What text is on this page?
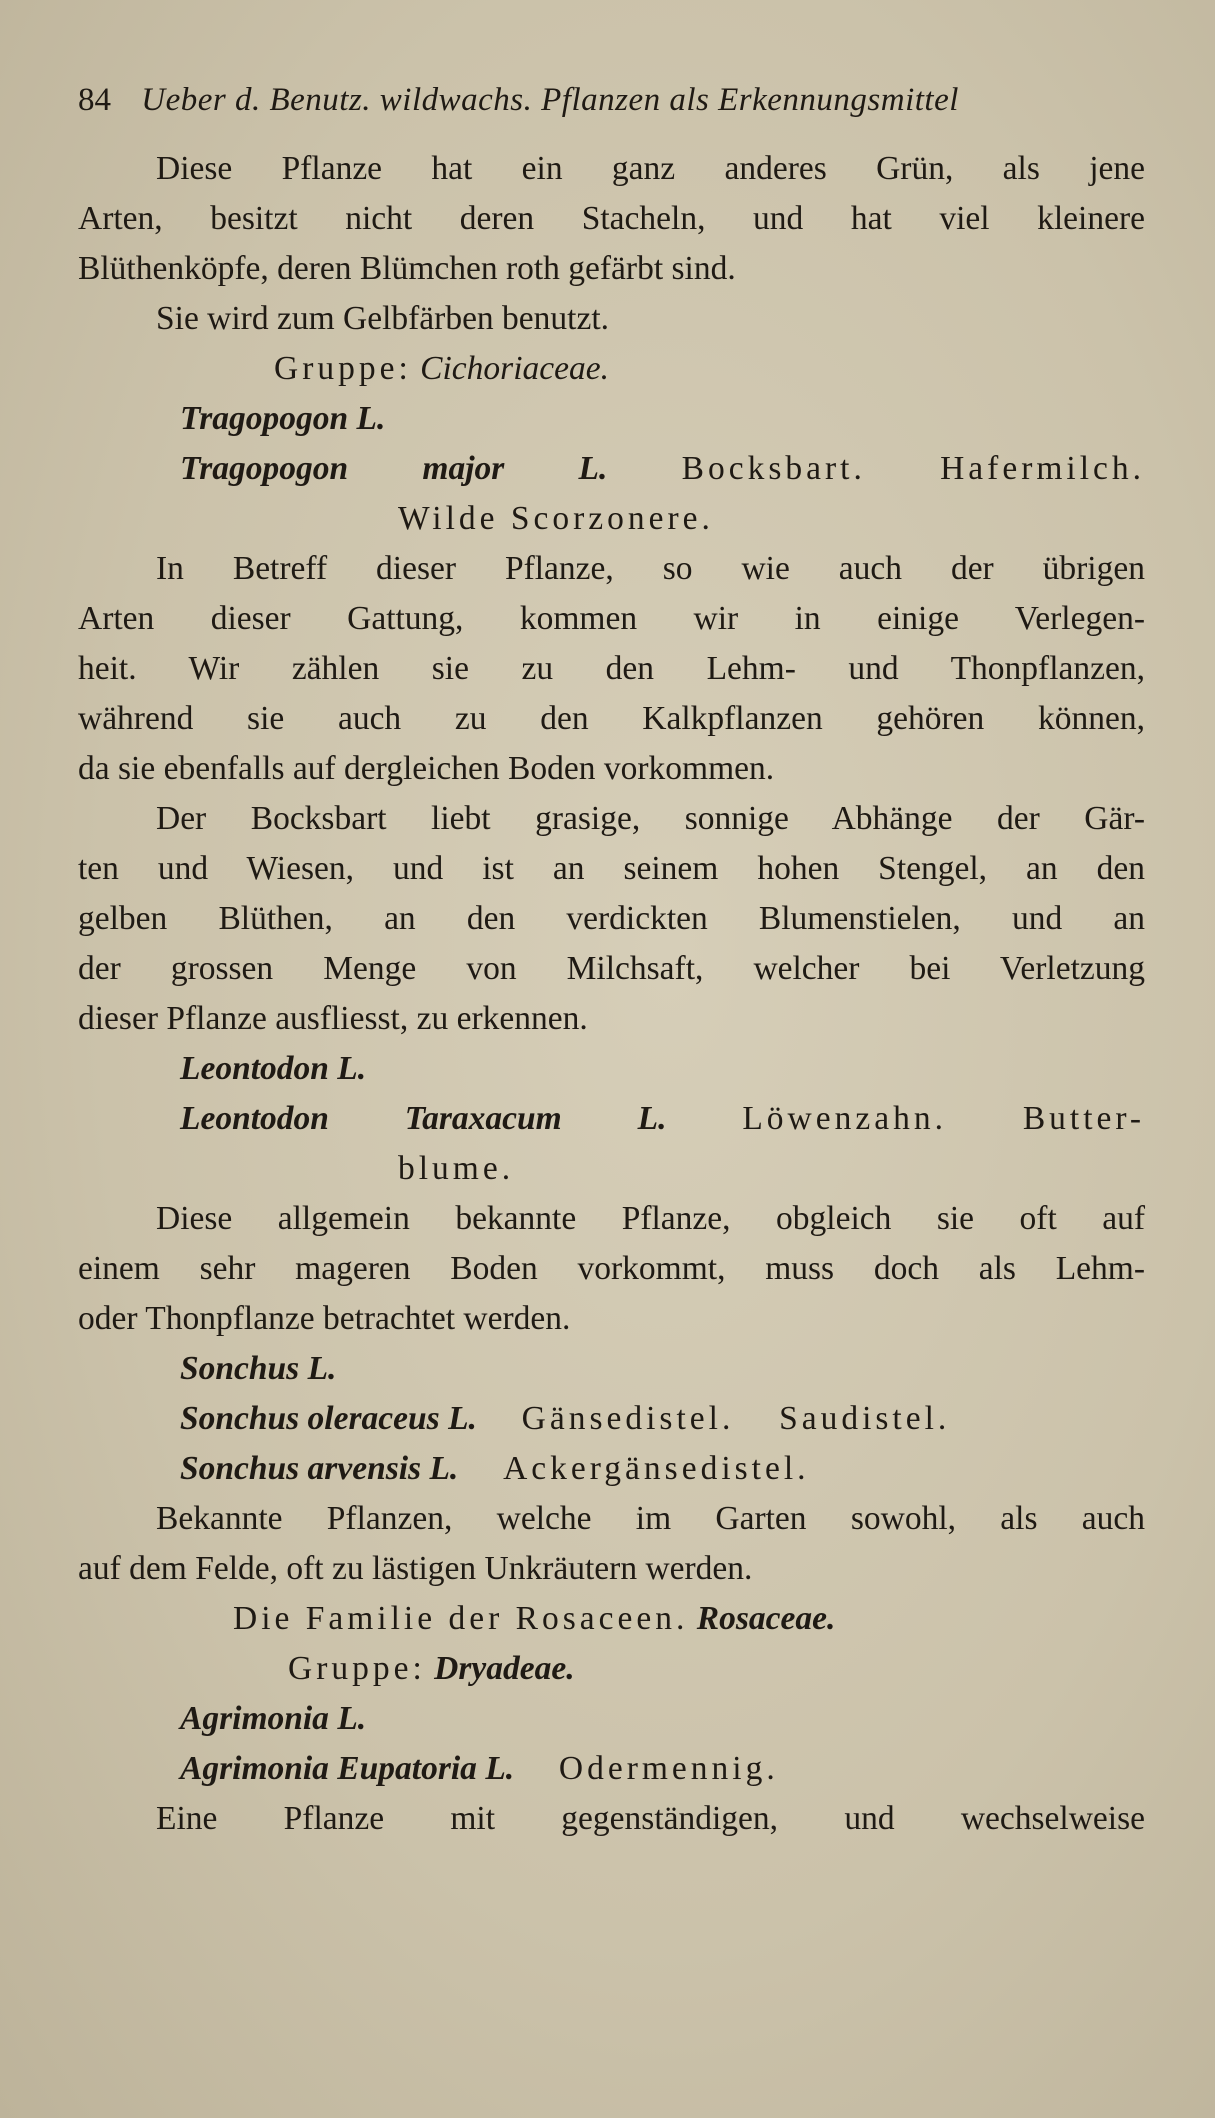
84 Ueber d. Benutz. wildwachs. Pflanzen als Erkennungsmittel
Diese Pflanze hat ein ganz anderes Grün, als jene
Arten, besitzt nicht deren Stacheln, und hat viel kleinere
Blüthenköpfe, deren Blümchen roth gefärbt sind.
Sie wird zum Gelbfärben benutzt.
Gruppe: Cichoriaceae.
Tragopogon L.
Tragopogon major L. Bocksbart. Hafermilch.
Wilde Scorzonere.
In Betreff dieser Pflanze, so wie auch der übrigen
Arten dieser Gattung, kommen wir in einige Verlegen-
heit. Wir zählen sie zu den Lehm- und Thonpflanzen,
während sie auch zu den Kalkpflanzen gehören können,
da sie ebenfalls auf dergleichen Boden vorkommen.
Der Bocksbart liebt grasige, sonnige Abhänge der Gär-
ten und Wiesen, und ist an seinem hohen Stengel, an den
gelben Blüthen, an den verdickten Blumenstielen, und an
der grossen Menge von Milchsaft, welcher bei Verletzung
dieser Pflanze ausfliesst, zu erkennen.
Leontodon L.
Leontodon Taraxacum L. Löwenzahn. Butter-
blume.
Diese allgemein bekannte Pflanze, obgleich sie oft auf
einem sehr mageren Boden vorkommt, muss doch als Lehm-
oder Thonpflanze betrachtet werden.
Sonchus L.
Sonchus oleraceus L. Gänsedistel. Saudistel.
Sonchus arvensis L. Ackergänsedistel.
Bekannte Pflanzen, welche im Garten sowohl, als auch
auf dem Felde, oft zu lästigen Unkräutern werden.
Die Familie der Rosaceen. Rosaceae.
Gruppe: Dryadeae.
Agrimonia L.
Agrimonia Eupatoria L. Odermennig.
Eine Pflanze mit gegenständigen, und wechselweise
